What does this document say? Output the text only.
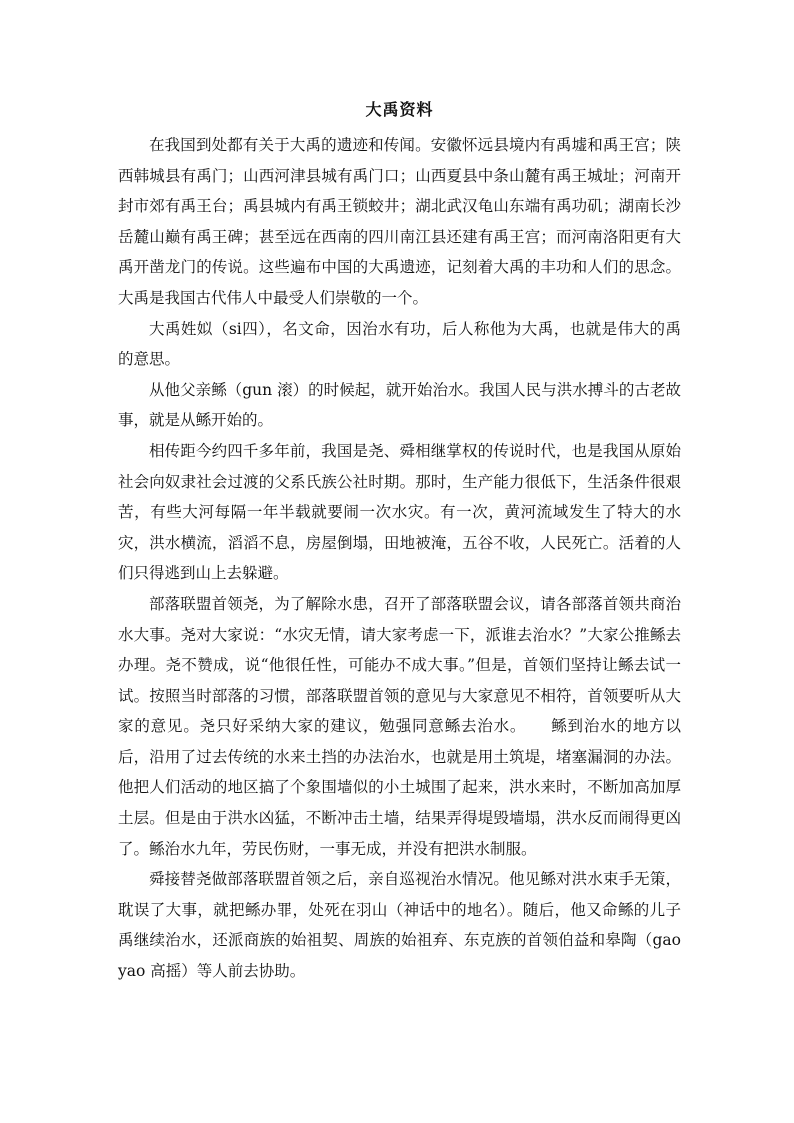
大禹资料

在我国到处都有关于大禹的遗迹和传闻。安徽怀远县境内有禹墟和禹王宫；陕西韩城县有禹门；山西河津县城有禹门口；山西夏县中条山麓有禹王城址；河南开封市郊有禹王台；禹县城内有禹王锁蛟井；湖北武汉龟山东端有禹功矶；湖南长沙岳麓山巅有禹王碑；甚至远在西南的四川南江县还建有禹王宫；而河南洛阳更有大禹开凿龙门的传说。这些遍布中国的大禹遗迹，记刻着大禹的丰功和人们的思念。大禹是我国古代伟人中最受人们崇敬的一个。

大禹姓姒（si四），名文命，因治水有功，后人称他为大禹，也就是伟大的禹的意思。

从他父亲鲧（gun 滚）的时候起，就开始治水。我国人民与洪水搏斗的古老故事，就是从鲧开始的。

相传距今约四千多年前，我国是尧、舜相继掌权的传说时代，也是我国从原始社会向奴隶社会过渡的父系氏族公社时期。那时，生产能力很低下，生活条件很艰苦，有些大河每隔一年半载就要闹一次水灾。有一次，黄河流域发生了特大的水灾，洪水横流，滔滔不息，房屋倒塌，田地被淹，五谷不收，人民死亡。活着的人们只得逃到山上去躲避。

部落联盟首领尧，为了解除水患，召开了部落联盟会议，请各部落首领共商治水大事。尧对大家说：“水灾无情，请大家考虑一下，派谁去治水？”大家公推鲧去办理。尧不赞成，说“他很任性，可能办不成大事。”但是，首领们坚持让鲧去试一试。按照当时部落的习惯，部落联盟首领的意见与大家意见不相符，首领要听从大家的意见。尧只好采纳大家的建议，勉强同意鲧去治水。　　鲧到治水的地方以后，沿用了过去传统的水来土挡的办法治水，也就是用土筑堤，堵塞漏洞的办法。他把人们活动的地区搞了个象围墙似的小土城围了起来，洪水来时，不断加高加厚土层。但是由于洪水凶猛，不断冲击土墙，结果弄得堤毁墙塌，洪水反而闹得更凶了。鲧治水九年，劳民伤财，一事无成，并没有把洪水制服。

舜接替尧做部落联盟首领之后，亲自巡视治水情况。他见鲧对洪水束手无策，耽误了大事，就把鲧办罪，处死在羽山（神话中的地名）。随后，他又命鲧的儿子禹继续治水，还派商族的始祖契、周族的始祖弃、东克族的首领伯益和皋陶（gao yao 高摇）等人前去协助。
